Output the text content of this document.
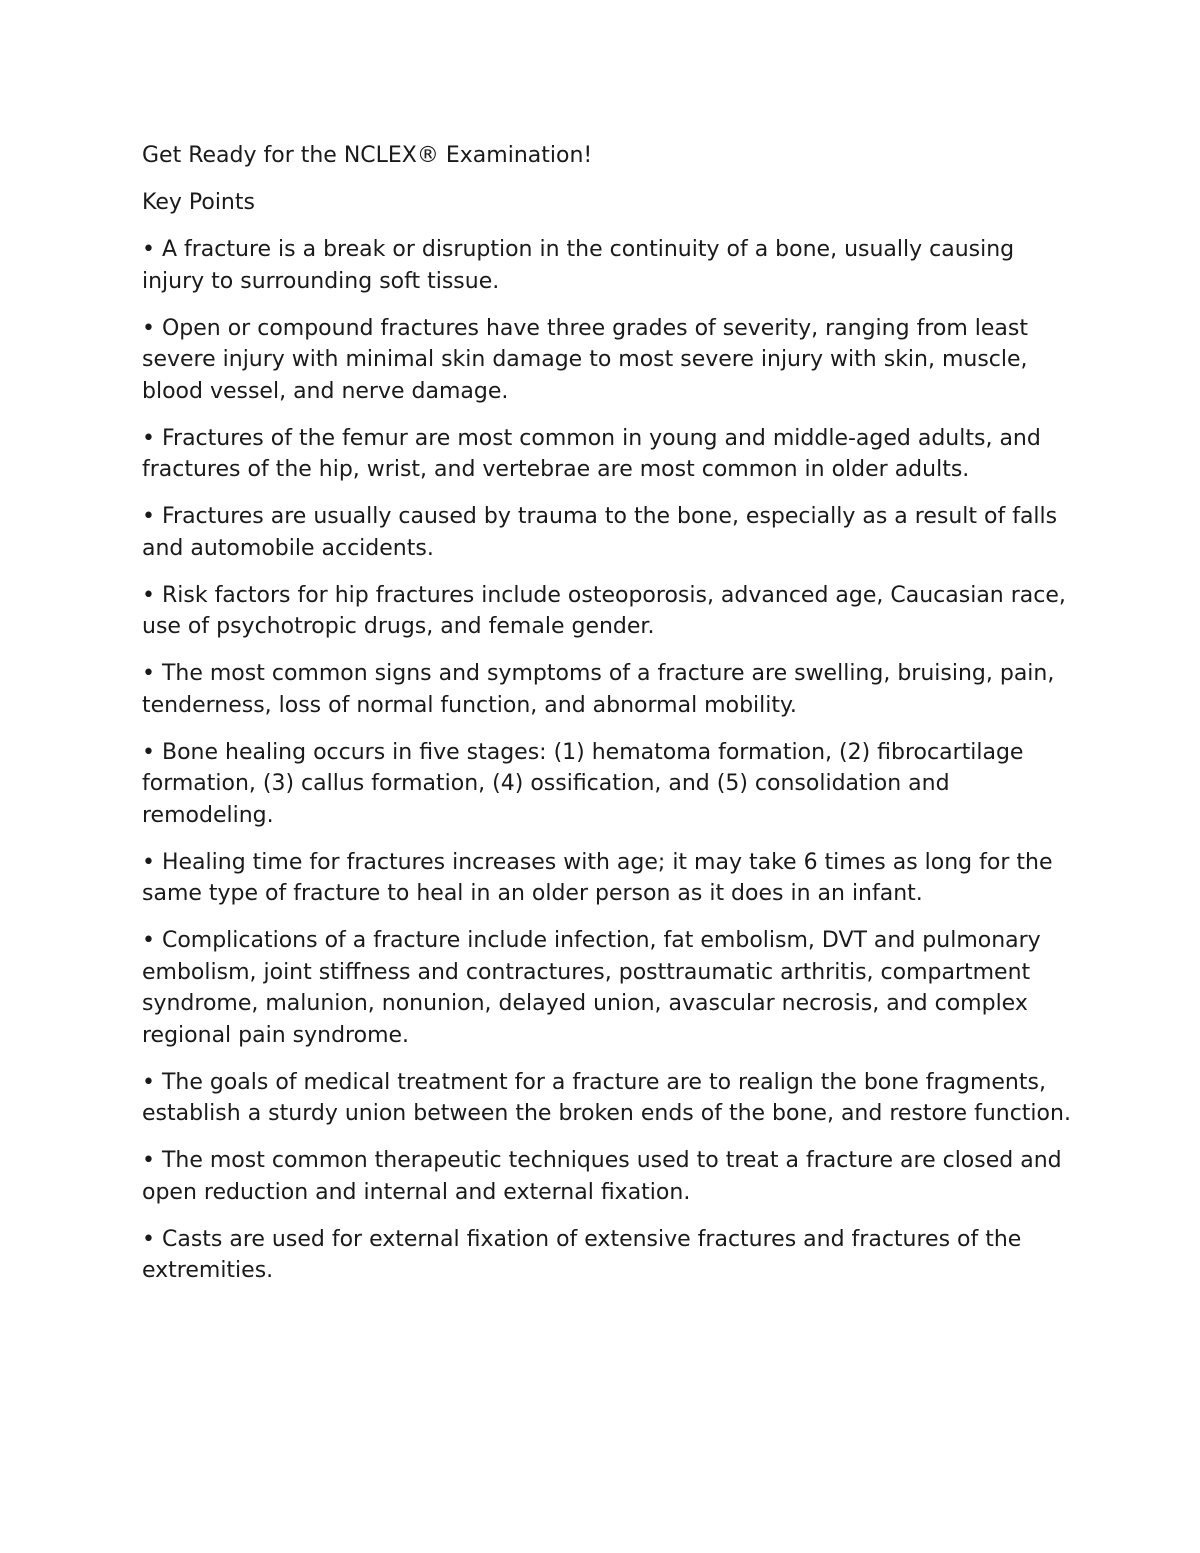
Get Ready for the NCLEX® Examination!

Key Points

• A fracture is a break or disruption in the continuity of a bone, usually causing injury to surrounding soft tissue.

• Open or compound fractures have three grades of severity, ranging from least severe injury with minimal skin damage to most severe injury with skin, muscle, blood vessel, and nerve damage.

• Fractures of the femur are most common in young and middle-aged adults, and fractures of the hip, wrist, and vertebrae are most common in older adults.

• Fractures are usually caused by trauma to the bone, especially as a result of falls and automobile accidents.

• Risk factors for hip fractures include osteoporosis, advanced age, Caucasian race, use of psychotropic drugs, and female gender.

• The most common signs and symptoms of a fracture are swelling, bruising, pain, tenderness, loss of normal function, and abnormal mobility.

• Bone healing occurs in five stages: (1) hematoma formation, (2) fibrocartilage formation, (3) callus formation, (4) ossification, and (5) consolidation and remodeling.

• Healing time for fractures increases with age; it may take 6 times as long for the same type of fracture to heal in an older person as it does in an infant.

• Complications of a fracture include infection, fat embolism, DVT and pulmonary embolism, joint stiffness and contractures, posttraumatic arthritis, compartment syndrome, malunion, nonunion, delayed union, avascular necrosis, and complex regional pain syndrome.

• The goals of medical treatment for a fracture are to realign the bone fragments, establish a sturdy union between the broken ends of the bone, and restore function.

• The most common therapeutic techniques used to treat a fracture are closed and open reduction and internal and external fixation.

• Casts are used for external fixation of extensive fractures and fractures of the extremities.
